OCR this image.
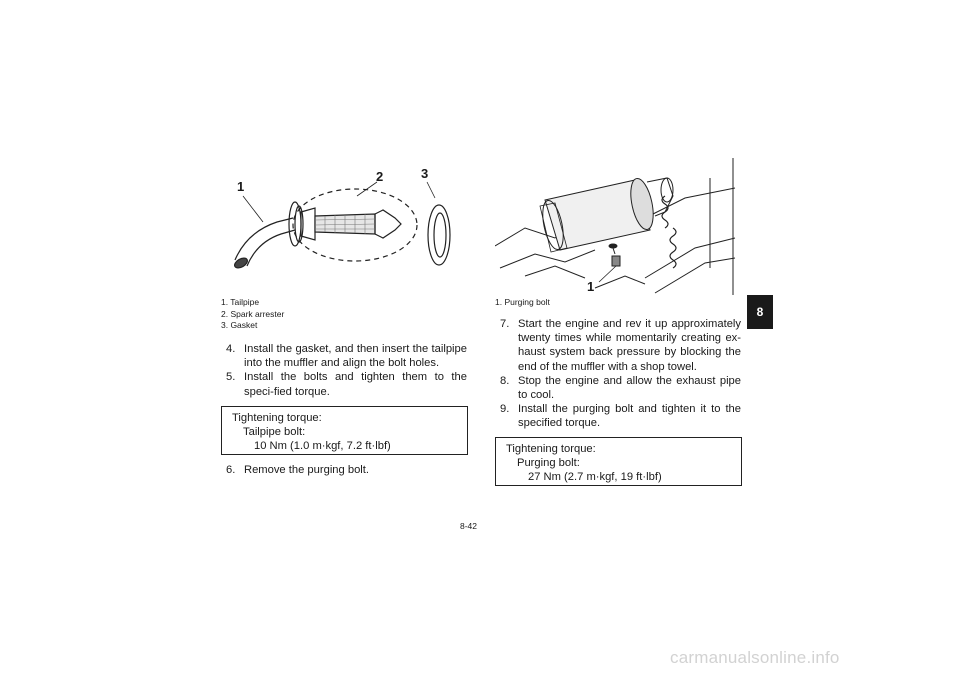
1
2	3
1. Tailpipe
2. Spark arrester
3. Gasket
4. Install the gasket, and then insert the tailpipe into the muffler and align the bolt holes.
5. Install the bolts and tighten them to the speci-fied torque.
Tightening torque:
Tailpipe bolt:
10 Nm (1.0 m·kgf, 7.2 ft·lbf)
6. Remove the purging bolt.
1
1. Purging bolt
7. Start the engine and rev it up approximately twenty times while momentarily creating ex-haust system back pressure by blocking the end of the muffler with a shop towel.
8. Stop the engine and allow the exhaust pipe to cool.
9. Install the purging bolt and tighten it to the specified torque.
Tightening torque:
Purging bolt:
27 Nm (2.7 m·kgf, 19 ft·lbf)
8
8-42
carmanualsonline.info
